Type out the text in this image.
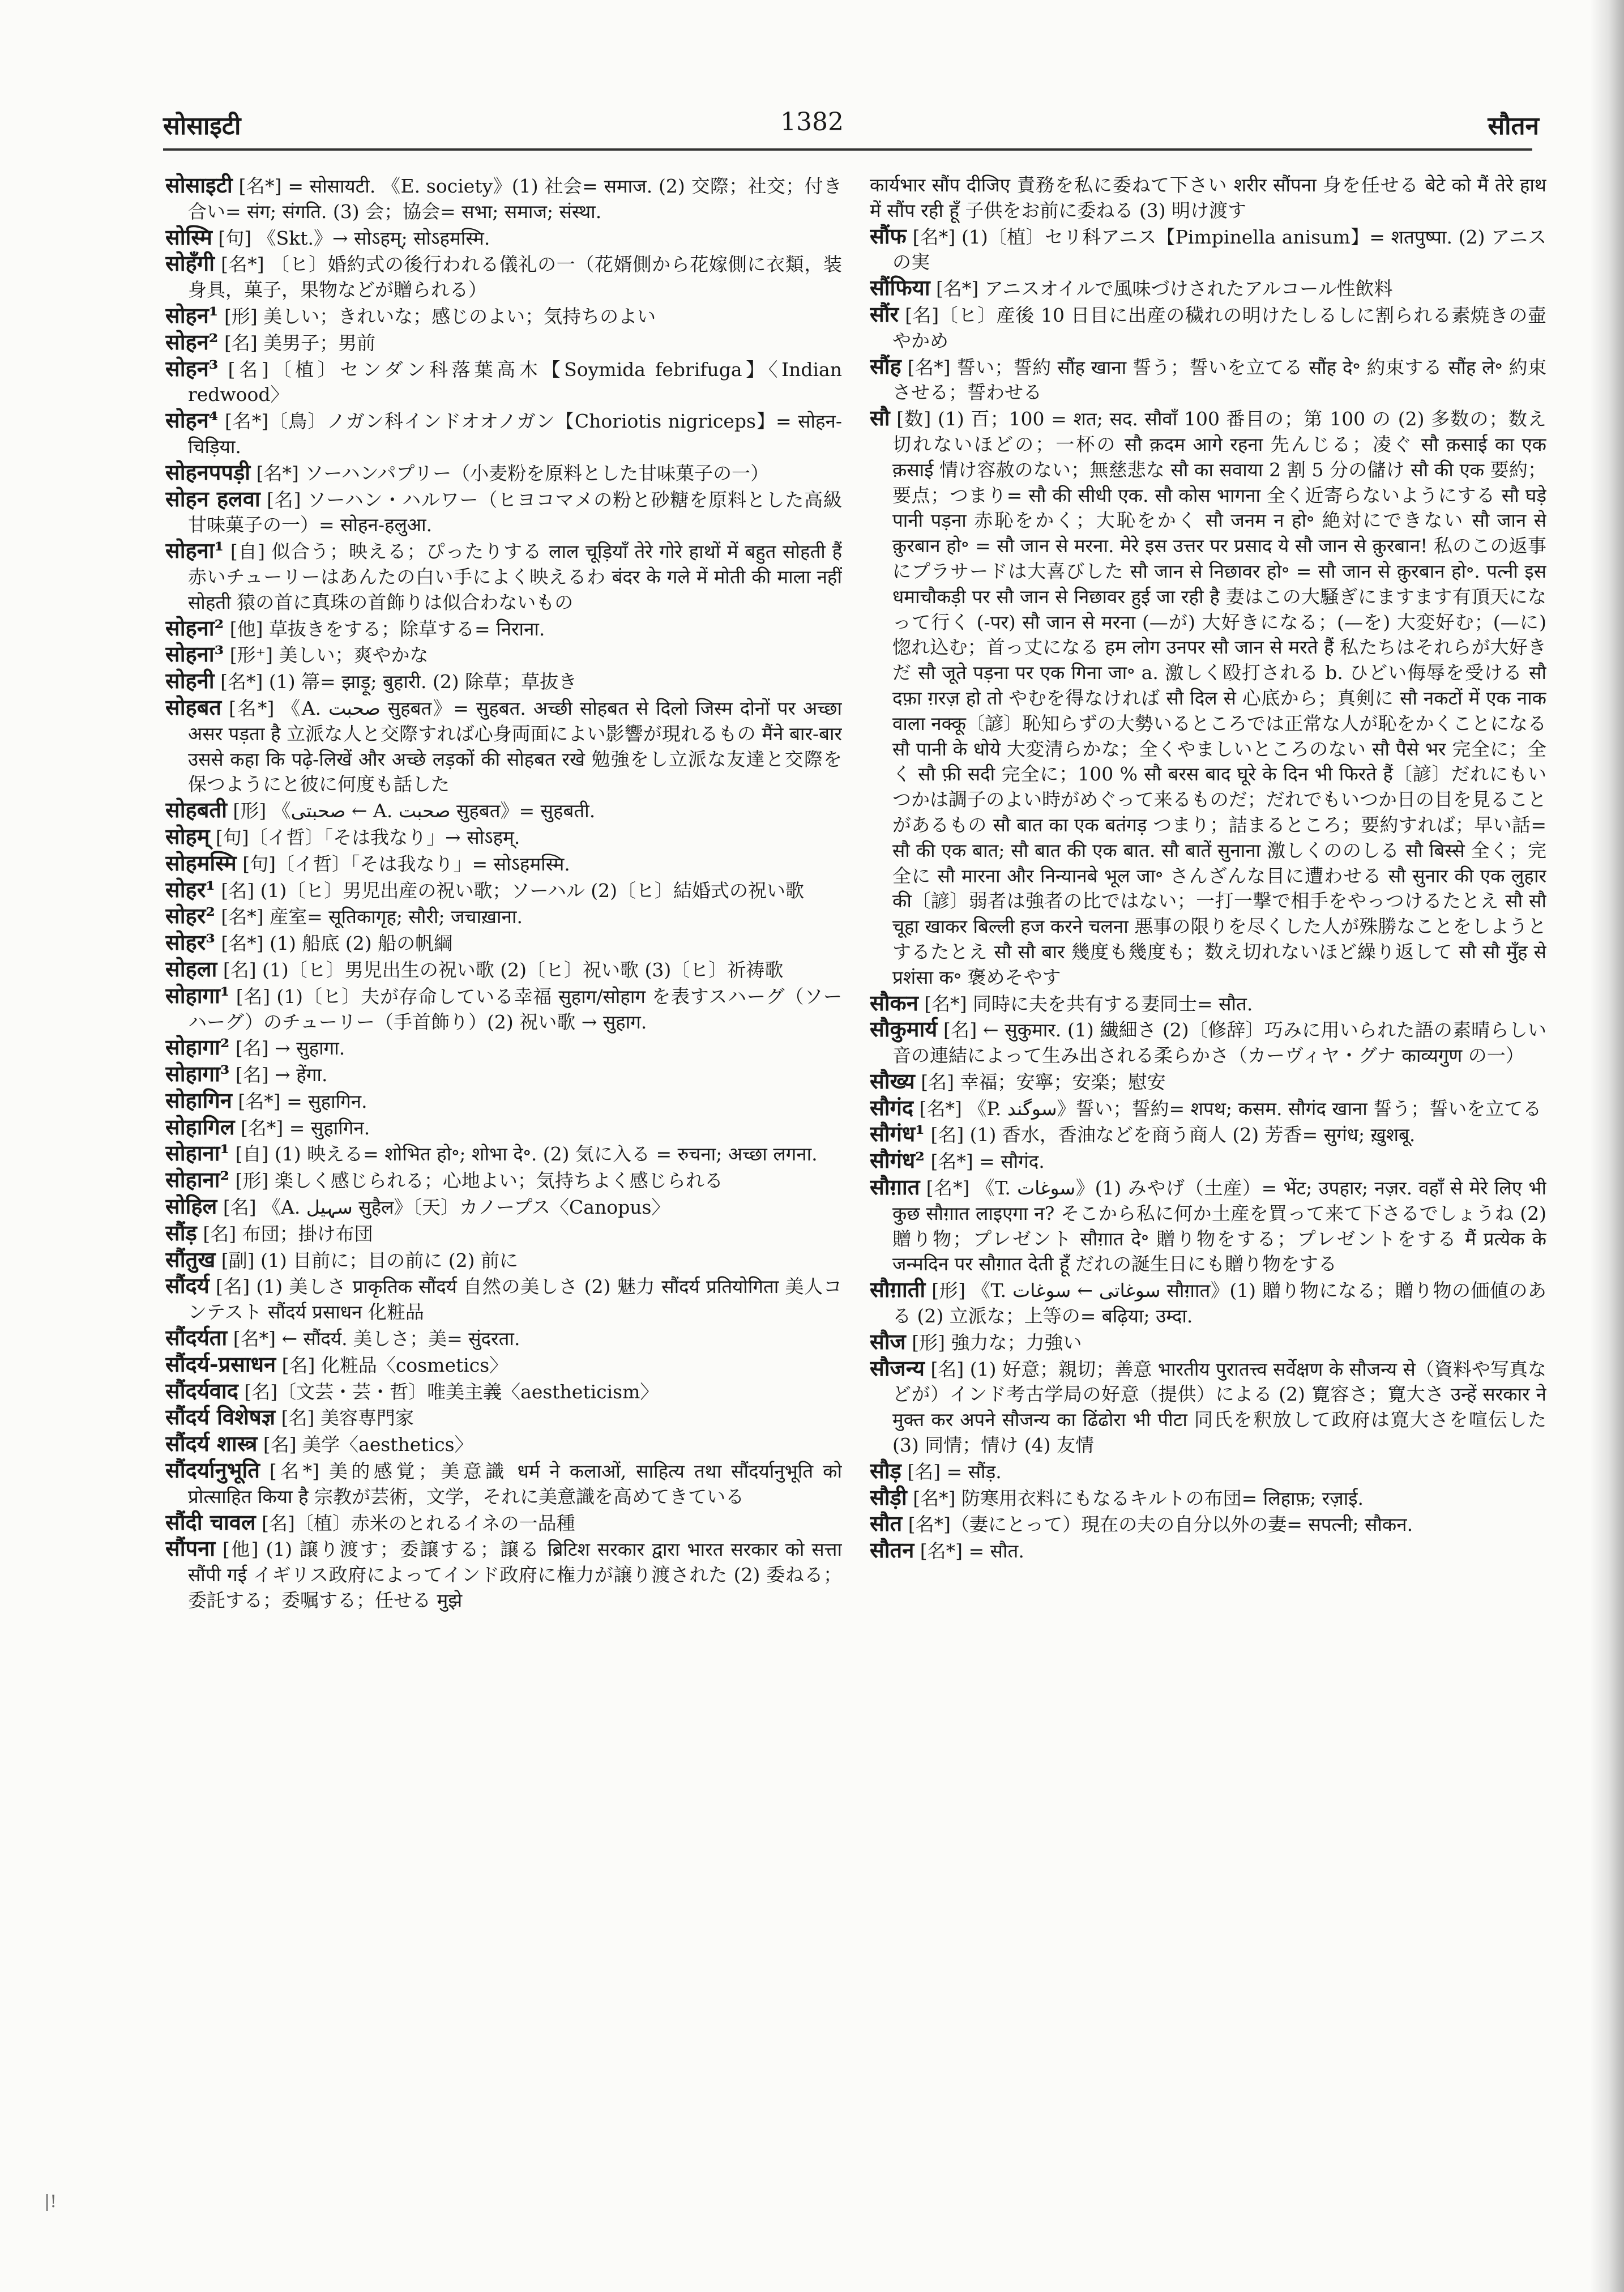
सोसाइटी	1382	सौतन

सोसाइटी [名*] = सोसायटी. 《E. society》(1) 社会= समाज. (2) 交際；社交；付き合い= संग; संगति. (3) 会；協会= सभा; समाज; संस्था.

सोस्मि [句] 《Skt.》→ सोऽहम्; सोऽहमस्मि.

सोहँगी [名*] 〔ヒ〕婚約式の後行われる儀礼の一（花婿側から花嫁側に衣類，装身具，菓子，果物などが贈られる）

सोहन¹ [形] 美しい；きれいな；感じのよい；気持ちのよい

सोहन² [名] 美男子；男前

सोहन³ [名]〔植〕センダン科落葉高木【Soymida febrifuga】〈Indian redwood〉

सोहन⁴ [名*]〔鳥〕ノガン科インドオオノガン【Choriotis nigriceps】= सोहन-चिड़िया.

सोहनपपड़ी [名*] ソーハンパプリー（小麦粉を原料とした甘味菓子の一）

सोहन हलवा [名] ソーハン・ハルワー（ヒヨコマメの粉と砂糖を原料とした高級甘味菓子の一）= सोहन-हलुआ.

सोहना¹ [自] 似合う；映える；ぴったりする लाल चूड़ियाँ तेरे गोरे हाथों में बहुत सोहती हैं 赤いチューリーはあんたの白い手によく映えるわ बंदर के गले में मोती की माला नहीं सोहती 猿の首に真珠の首飾りは似合わないもの

सोहना² [他] 草抜きをする；除草する= निराना.

सोहना³ [形⁺] 美しい；爽やかな

सोहनी [名*] (1) 箒= झाड़ू; बुहारी. (2) 除草；草抜き

सोहबत [名*] 《A. صحبت सुहबत》= सुहबत. अच्छी सोहबत से दिलो जिस्म दोनों पर अच्छा असर पड़ता है 立派な人と交際すれば心身両面によい影響が現れるもの मैंने बार-बार उससे कहा कि पढ़े-लिखें और अच्छे लड़कों की सोहबत रखे 勉強をし立派な友達と交際を保つようにと彼に何度も話した

सोहबती [形] 《صحبتی ← A. صحبت सुहबत》= सुहबती.

सोहम् [句]〔イ哲〕「そは我なり」→ सोऽहम्.

सोहमस्मि [句]〔イ哲〕「そは我なり」= सोऽहमस्मि.

सोहर¹ [名] (1)〔ヒ〕男児出産の祝い歌；ソーハル (2)〔ヒ〕結婚式の祝い歌

सोहर² [名*] 産室= सूतिकागृह; सौरी; जचाख़ाना.

सोहर³ [名*] (1) 船底 (2) 船の帆綱

सोहला [名] (1)〔ヒ〕男児出生の祝い歌 (2)〔ヒ〕祝い歌 (3)〔ヒ〕祈祷歌

सोहागा¹ [名] (1)〔ヒ〕夫が存命している幸福 सुहाग/सोहाग を表すスハーグ（ソーハーグ）のチューリー（手首飾り）(2) 祝い歌 → सुहाग.

सोहागा² [名] → सुहागा.

सोहागा³ [名] → हेंगा.

सोहागिन [名*] = सुहागिन.

सोहागिल [名*] = सुहागिन.

सोहाना¹ [自] (1) 映える= शोभित हो॰; शोभा दे॰. (2) 気に入る = रुचना; अच्छा लगना.

सोहाना² [形] 楽しく感じられる；心地よい；気持ちよく感じられる

सोहिल [名] 《A. سہیل सुहैल》〔天〕カノープス〈Canopus〉

सौंड़ [名] 布団；掛け布団

सौंतुख [副] (1) 目前に；目の前に (2) 前に

सौंदर्य [名] (1) 美しさ प्राकृतिक सौंदर्य 自然の美しさ (2) 魅力 सौंदर्य प्रतियोगिता 美人コンテスト सौंदर्य प्रसाधन 化粧品

सौंदर्यता [名*] ← सौंदर्य. 美しさ；美= सुंदरता.

सौंदर्य-प्रसाधन [名] 化粧品〈cosmetics〉

सौंदर्यवाद [名]〔文芸・芸・哲〕唯美主義〈aestheticism〉

सौंदर्य विशेषज्ञ [名] 美容専門家

सौंदर्य शास्त्र [名] 美学〈aesthetics〉

सौंदर्यानुभूति [名*] 美的感覚；美意識 धर्म ने कलाओं, साहित्य तथा सौंदर्यानुभूति को प्रोत्साहित किया है 宗教が芸術，文学，それに美意識を高めてきている

सौंदी चावल [名]〔植〕赤米のとれるイネの一品種

सौंपना [他] (1) 譲り渡す；委譲する；譲る ब्रिटिश सरकार द्वारा भारत सरकार को सत्ता सौंपी गई イギリス政府によってインド政府に権力が譲り渡された (2) 委ねる；委託する；委嘱する；任せる मुझे

कार्यभार सौंप दीजिए 責務を私に委ねて下さい शरीर सौंपना 身を任せる बेटे को मैं तेरे हाथ में सौंप रही हूँ 子供をお前に委ねる (3) 明け渡す

सौंफ [名*] (1)〔植〕セリ科アニス【Pimpinella anisum】= शतपुष्पा. (2) アニスの実

सौंफिया [名*] アニスオイルで風味づけされたアルコール性飲料

सौंर [名]〔ヒ〕産後 10 日目に出産の穢れの明けたしるしに割られる素焼きの壷やかめ

सौंह [名*] 誓い；誓約 सौंह खाना 誓う；誓いを立てる सौंह दे॰ 約束する सौंह ले॰ 約束させる；誓わせる

सौ [数] (1) 百；100 = शत; सद. सौवाँ 100 番目の；第 100 の (2) 多数の；数え切れないほどの；一杯の सौ क़दम आगे रहना 先んじる；凌ぐ सौ क़साई का एक क़साई 情け容赦のない；無慈悲な सौ का सवाया 2 割 5 分の儲け सौ की एक 要約；要点；つまり= सौ की सीधी एक. सौ कोस भागना 全く近寄らないようにする सौ घड़े पानी पड़ना 赤恥をかく；大恥をかく सौ जनम न हो॰ 絶対にできない सौ जान से क़ुरबान हो॰ = सौ जान से मरना. मेरे इस उत्तर पर प्रसाद ये सौ जान से क़ुरबान! 私のこの返事にプラサードは大喜びした सौ जान से निछावर हो॰ = सौ जान से क़ुरबान हो॰. पत्नी इस धमाचौकड़ी पर सौ जान से निछावर हुई जा रही है 妻はこの大騒ぎにますます有頂天になって行く (-पर) सौ जान से मरना (—が) 大好きになる；(—を) 大変好む；(—に) 惚れ込む；首っ丈になる हम लोग उनपर सौ जान से मरते हैं 私たちはそれらが大好きだ सौ जूते पड़ना पर एक गिना जा॰ a. 激しく殴打される b. ひどい侮辱を受ける सौ दफ़ा ग़रज़ हो तो やむを得なければ सौ दिल से 心底から；真剣に सौ नकटों में एक नाक वाला नक्कू〔諺〕恥知らずの大勢いるところでは正常な人が恥をかくことになる सौ पानी के धोये 大変清らかな；全くやましいところのない सौ पैसे भर 完全に；全く सौ फ़ी सदी 完全に；100 % सौ बरस बाद घूरे के दिन भी फिरते हैं〔諺〕だれにもいつかは調子のよい時がめぐって来るものだ；だれでもいつか日の目を見ることがあるもの सौ बात का एक बतंगड़ つまり；詰まるところ；要約すれば；早い話= सौ की एक बात; सौ बात की एक बात. सौ बातें सुनाना 激しくののしる सौ बिस्से 全く；完全に सौ मारना और निन्यानबे भूल जा॰ さんざんな目に遭わせる सौ सुनार की एक लुहार की〔諺〕弱者は強者の比ではない；一打一撃で相手をやっつけるたとえ सौ सौ चूहा खाकर बिल्ली हज करने चलना 悪事の限りを尽くした人が殊勝なことをしようとするたとえ सौ सौ बार 幾度も幾度も；数え切れないほど繰り返して सौ सौ मुँह से प्रशंसा क॰ 褒めそやす

सौकन [名*] 同時に夫を共有する妻同士= सौत.

सौकुमार्य [名] ← सुकुमार. (1) 繊細さ (2)〔修辞〕巧みに用いられた語の素晴らしい音の連結によって生み出される柔らかさ（カーヴィヤ・グナ काव्यगुण の一）

सौख्य [名] 幸福；安寧；安楽；慰安

सौगंद [名*] 《P. سوگند》誓い；誓約= शपथ; कसम. सौगंद खाना 誓う；誓いを立てる

सौगंध¹ [名] (1) 香水，香油などを商う商人 (2) 芳香= सुगंध; ख़ुशबू.

सौगंध² [名*] = सौगंद.

सौग़ात [名*] 《T. سوغات》(1) みやげ（土産）= भेंट; उपहार; नज़र. वहाँ से मेरे लिए भी कुछ सौग़ात लाइएगा न? そこから私に何か土産を買って来て下さるでしょうね (2) 贈り物；プレゼント सौग़ात दे॰ 贈り物をする；プレゼントをする मैं प्रत्येक के जन्मदिन पर सौग़ात देती हूँ だれの誕生日にも贈り物をする

सौग़ाती [形] 《T. سوغاتی ← سوغات सौग़ात》(1) 贈り物になる；贈り物の価値のある (2) 立派な；上等の= बढ़िया; उम्दा.

सौज [形] 強力な；力強い

सौजन्य [名] (1) 好意；親切；善意 भारतीय पुरातत्त्व सर्वेक्षण के सौजन्य से（資料や写真などが）インド考古学局の好意（提供）による (2) 寛容さ；寛大さ उन्हें सरकार ने मुक्त कर अपने सौजन्य का ढिंढोरा भी पीटा 同氏を釈放して政府は寛大さを喧伝した (3) 同情；情け (4) 友情

सौड़ [名] = सौंड़.

सौड़ी [名*] 防寒用衣料にもなるキルトの布団= लिहाफ़; रज़ाई.

सौत [名*]（妻にとって）現在の夫の自分以外の妻= सपत्नी; सौकन.

सौतन [名*] = सौत.

|!
